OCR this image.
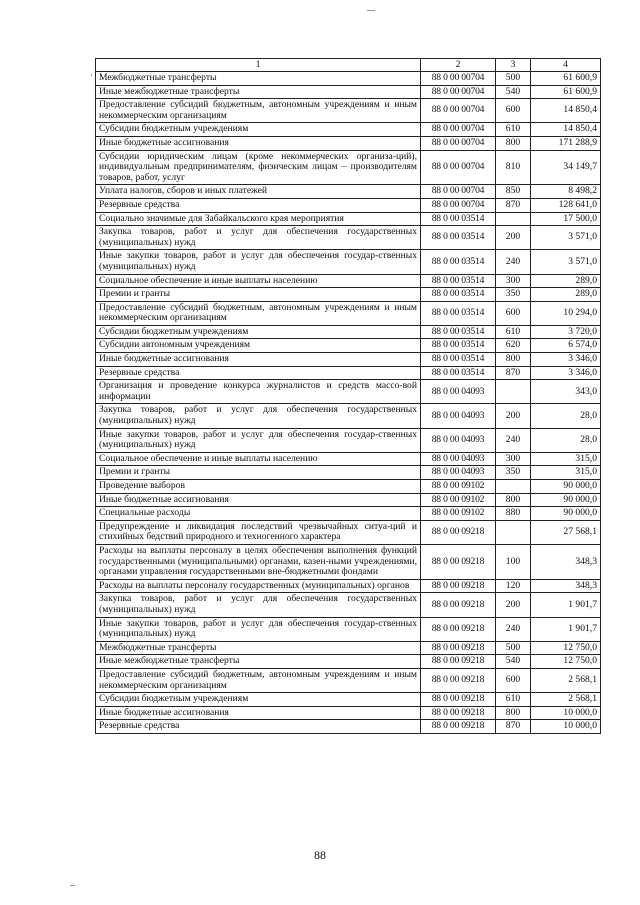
1	2	3	4
Межбюджетные трансферты	88 0 00 00704	500	61 600,9
Иные межбюджетные трансферты	88 0 00 00704	540	61 600,9
Предоставление субсидий бюджетным, автономным учреждениям и иным некоммерческим организациям	88 0 00 00704	600	14 850,4
Субсидии бюджетным учреждениям	88 0 00 00704	610	14 850,4
Иные бюджетные ассигнования	88 0 00 00704	800	171 288,9
Субсидии юридическим лицам (кроме некоммерческих организа-ций), индивидуальным предпринимателям, физическим лицам – производителям товаров, работ, услуг	88 0 00 00704	810	34 149,7
Уплата налогов, сборов и иных платежей	88 0 00 00704	850	8 498,2
Резервные средства	88 0 00 00704	870	128 641,0
Социально значимые для Забайкальского края мероприятия	88 0 00 03514		17 500,0
Закупка товаров, работ и услуг для обеспечения государственных (муниципальных) нужд	88 0 00 03514	200	3 571,0
Иные закупки товаров, работ и услуг для обеспечения государ-ственных (муниципальных) нужд	88 0 00 03514	240	3 571,0
Социальное обеспечение и иные выплаты населению	88 0 00 03514	300	289,0
Премии и гранты	88 0 00 03514	350	289,0
Предоставление субсидий бюджетным, автономным учреждениям и иным некоммерческим организациям	88 0 00 03514	600	10 294,0
Субсидии бюджетным учреждениям	88 0 00 03514	610	3 720,0
Субсидии автономным учреждениям	88 0 00 03514	620	6 574,0
Иные бюджетные ассигнования	88 0 00 03514	800	3 346,0
Резервные средства	88 0 00 03514	870	3 346,0
Организация и проведение конкурса журналистов и средств массо-вой информации	88 0 00 04093		343,0
Закупка товаров, работ и услуг для обеспечения государственных (муниципальных) нужд	88 0 00 04093	200	28,0
Иные закупки товаров, работ и услуг для обеспечения государ-ственных (муниципальных) нужд	88 0 00 04093	240	28,0
Социальное обеспечение и иные выплаты населению	88 0 00 04093	300	315,0
Премии и гранты	88 0 00 04093	350	315,0
Проведение выборов	88 0 00 09102		90 000,0
Иные бюджетные ассигнования	88 0 00 09102	800	90 000,0
Специальные расходы	88 0 00 09102	880	90 000,0
Предупреждение и ликвидация последствий чрезвычайных ситуа-ций и стихийных бедствий природного и техногенного характера	88 0 00 09218		27 568,1
Расходы на выплаты персоналу в целях обеспечения выполнения функций государственными (муниципальными) органами, казен-ными учреждениями, органами управления государственными вне-бюджетными фондами	88 0 00 09218	100	348,3
Расходы на выплаты персоналу государственных (муниципальных) органов	88 0 00 09218	120	348,3
Закупка товаров, работ и услуг для обеспечения государственных (муниципальных) нужд	88 0 00 09218	200	1 901,7
Иные закупки товаров, работ и услуг для обеспечения государ-ственных (муниципальных) нужд	88 0 00 09218	240	1 901,7
Межбюджетные трансферты	88 0 00 09218	500	12 750,0
Иные межбюджетные трансферты	88 0 00 09218	540	12 750,0
Предоставление субсидий бюджетным, автономным учреждениям и иным некоммерческим организациям	88 0 00 09218	600	2 568,1
Субсидии бюджетным учреждениям	88 0 00 09218	610	2 568,1
Иные бюджетные ассигнования	88 0 00 09218	800	10 000,0
Резервные средства	88 0 00 09218	870	10 000,0
88
